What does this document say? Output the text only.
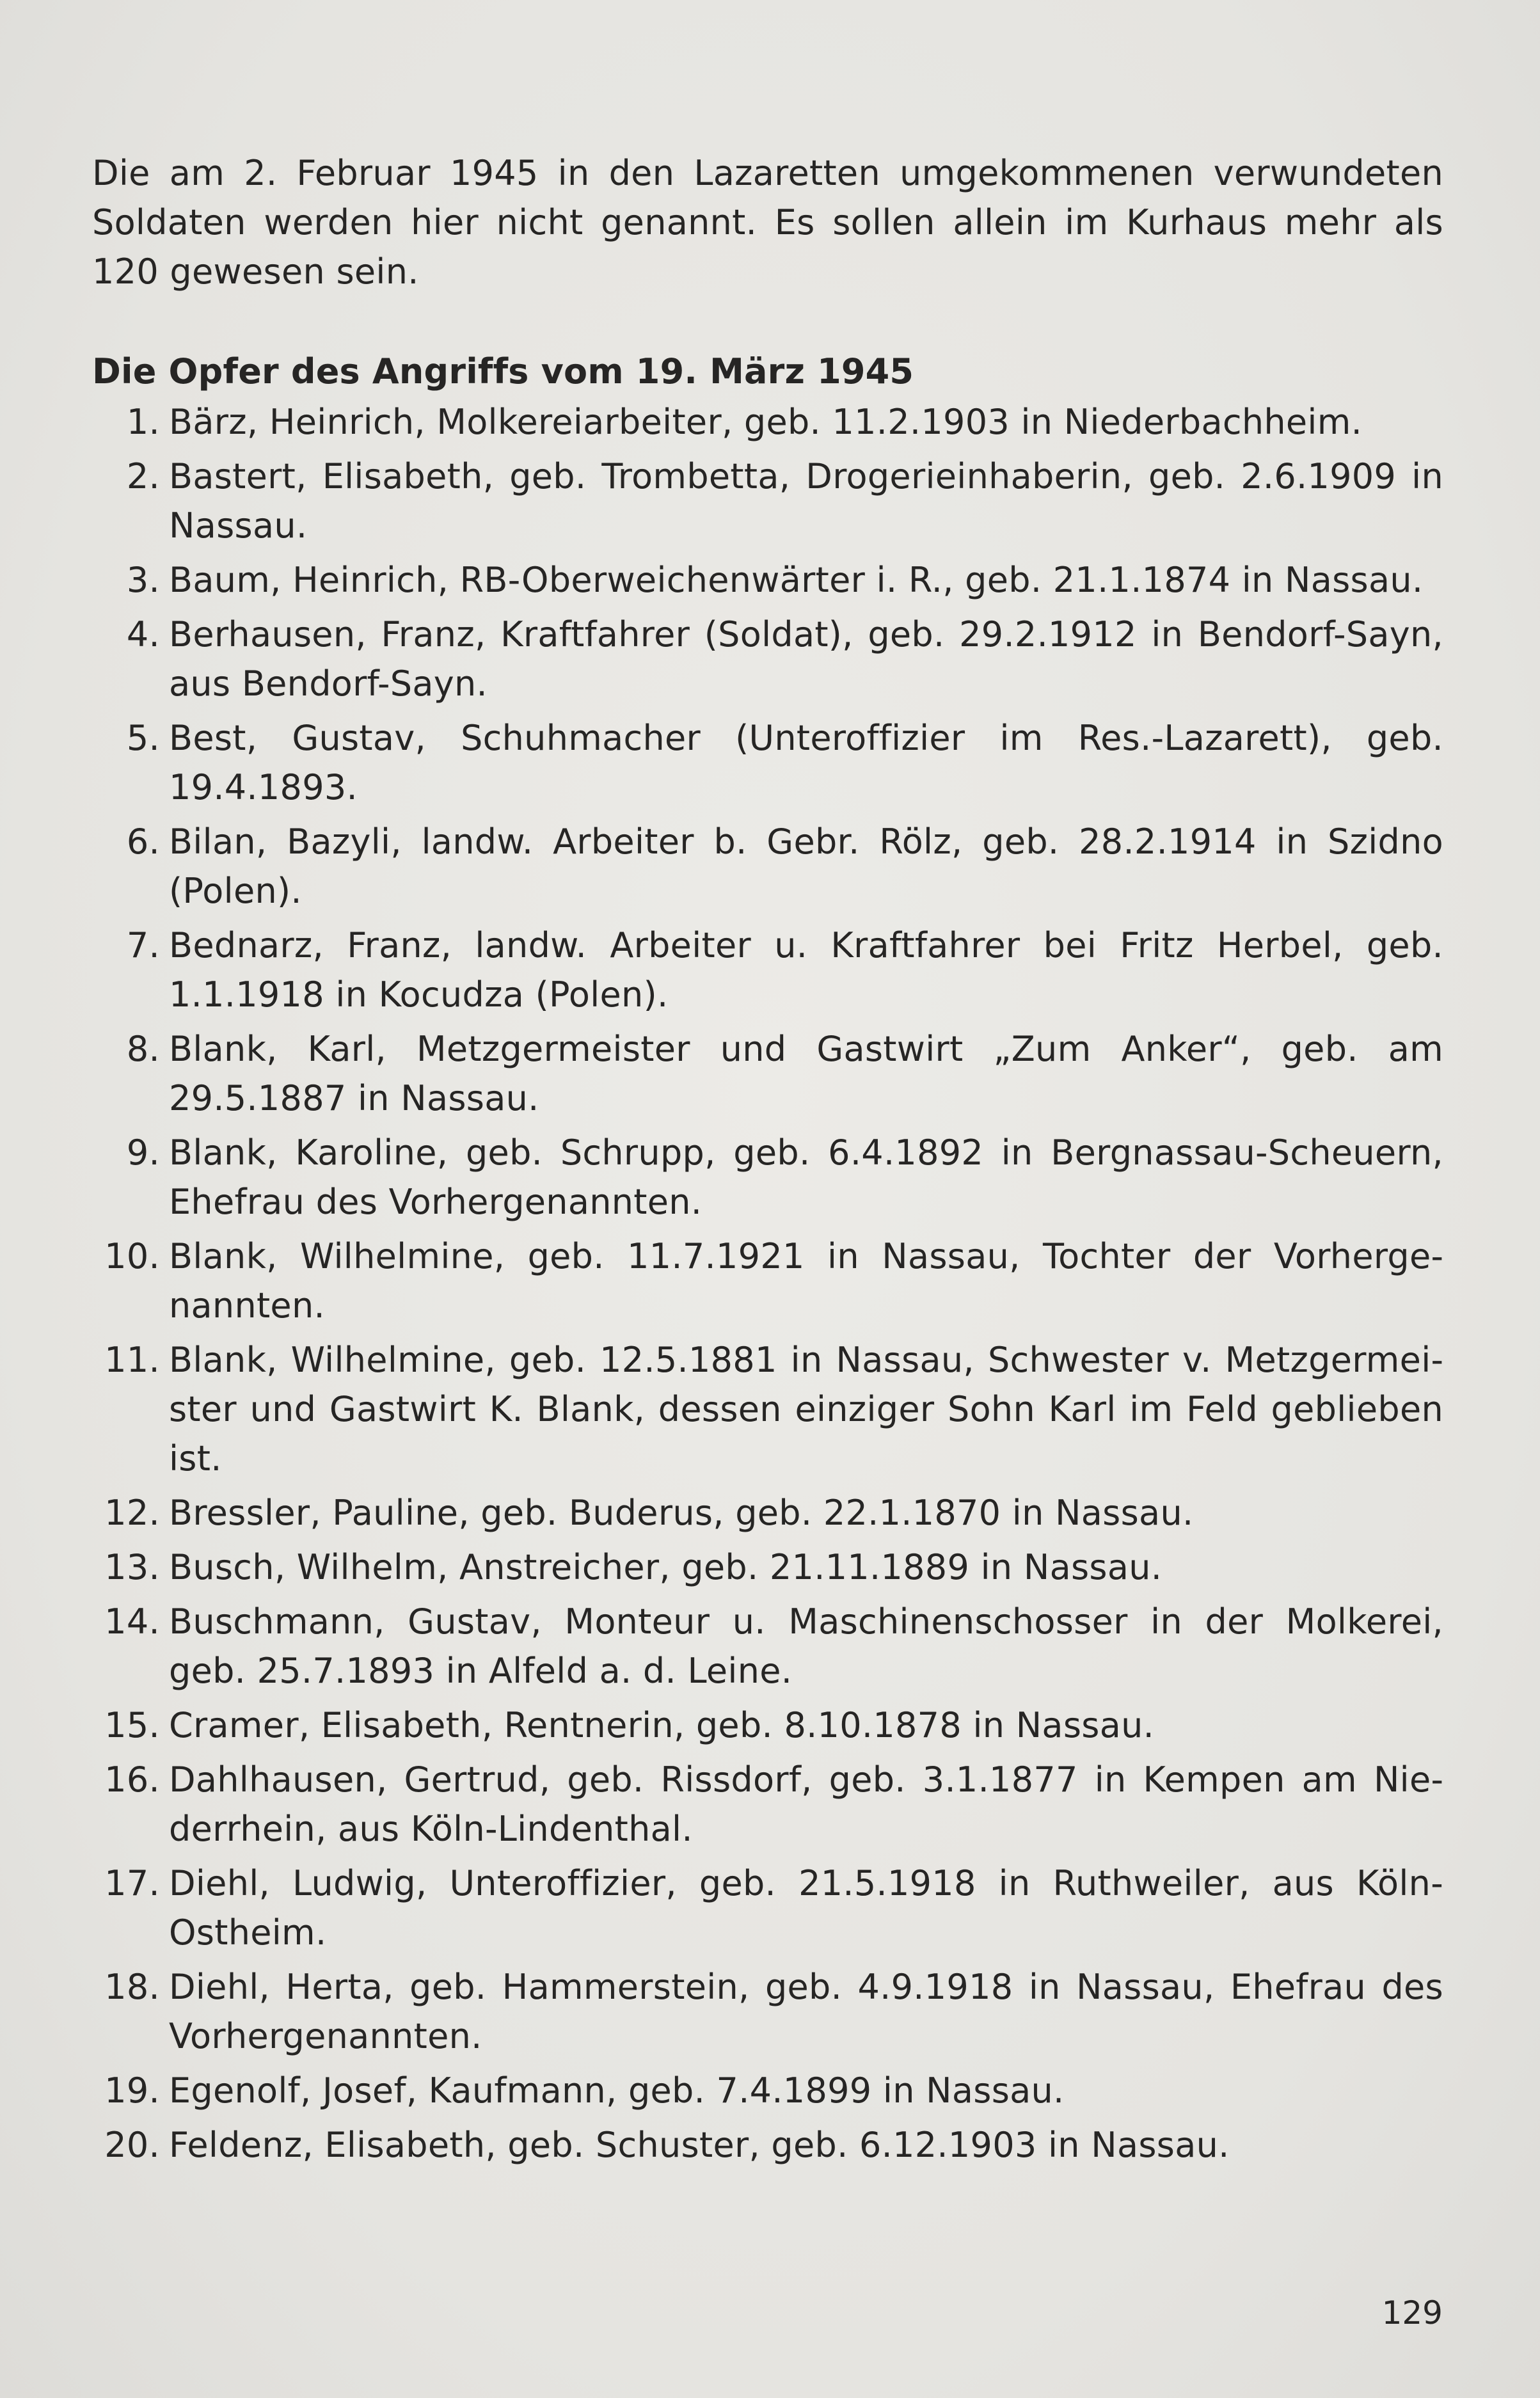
Die am 2. Februar 1945 in den Lazaretten umgekommenen verwundeten Soldaten werden hier nicht genannt. Es sollen allein im Kurhaus mehr als 120 gewesen sein.

Die Opfer des Angriffs vom 19. März 1945
1. Bärz, Heinrich, Molkereiarbeiter, geb. 11.2.1903 in Niederbachheim.
2. Bastert, Elisabeth, geb. Trombetta, Drogerieinhaberin, geb. 2.6.1909 in Nassau.
3. Baum, Heinrich, RB-Oberweichenwärter i. R., geb. 21.1.1874 in Nassau.
4. Berhausen, Franz, Kraftfahrer (Soldat), geb. 29.2.1912 in Bendorf-Sayn, aus Bendorf-Sayn.
5. Best, Gustav, Schuhmacher (Unteroffizier im Res.-Lazarett), geb. 19.4.1893.
6. Bilan, Bazyli, landw. Arbeiter b. Gebr. Rölz, geb. 28.2.1914 in Szidno (Polen).
7. Bednarz, Franz, landw. Arbeiter u. Kraftfahrer bei Fritz Herbel, geb. 1.1.1918 in Kocudza (Polen).
8. Blank, Karl, Metzgermeister und Gastwirt „Zum Anker“, geb. am 29.5.1887 in Nassau.
9. Blank, Karoline, geb. Schrupp, geb. 6.4.1892 in Bergnassau-Scheuern, Ehefrau des Vorhergenannten.
10. Blank, Wilhelmine, geb. 11.7.1921 in Nassau, Tochter der Vorhergenannten.
11. Blank, Wilhelmine, geb. 12.5.1881 in Nassau, Schwester v. Metzgermeister und Gastwirt K. Blank, dessen einziger Sohn Karl im Feld geblieben ist.
12. Bressler, Pauline, geb. Buderus, geb. 22.1.1870 in Nassau.
13. Busch, Wilhelm, Anstreicher, geb. 21.11.1889 in Nassau.
14. Buschmann, Gustav, Monteur u. Maschinenschosser in der Molkerei, geb. 25.7.1893 in Alfeld a. d. Leine.
15. Cramer, Elisabeth, Rentnerin, geb. 8.10.1878 in Nassau.
16. Dahlhausen, Gertrud, geb. Rissdorf, geb. 3.1.1877 in Kempen am Niederrhein, aus Köln-Lindenthal.
17. Diehl, Ludwig, Unteroffizier, geb. 21.5.1918 in Ruthweiler, aus Köln-Ostheim.
18. Diehl, Herta, geb. Hammerstein, geb. 4.9.1918 in Nassau, Ehefrau des Vorhergenannten.
19. Egenolf, Josef, Kaufmann, geb. 7.4.1899 in Nassau.
20. Feldenz, Elisabeth, geb. Schuster, geb. 6.12.1903 in Nassau.
129
